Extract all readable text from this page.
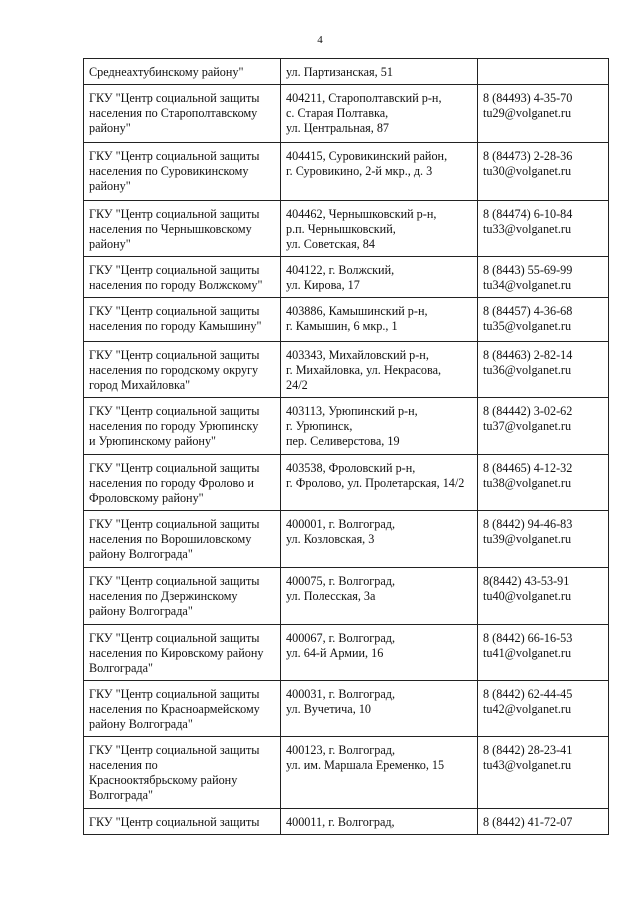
4
Среднеахтубинскому району"	ул. Партизанская, 51	

ГКУ "Центр социальной защиты
населения по Старополтавскому
району"	404211, Старополтавский р-н,
с. Старая Полтавка,
ул. Центральная, 87	8 (84493) 4-35-70
tu29@volganet.ru

ГКУ "Центр социальной защиты
населения по Суровикинскому
району"	404415, Суровикинский район,
г. Суровикино, 2-й мкр., д. 3	8 (84473) 2-28-36
tu30@volganet.ru

ГКУ "Центр социальной защиты
населения по Чернышковскому
району"	404462, Чернышковский р-н,
р.п. Чернышковский,
ул. Советская, 84	8 (84474) 6-10-84
tu33@volganet.ru

ГКУ "Центр социальной защиты
населения по городу Волжскому"	404122, г. Волжский,
ул. Кирова, 17	8 (8443) 55-69-99
tu34@volganet.ru

ГКУ "Центр социальной защиты
населения по городу Камышину"	403886, Камышинский р-н,
г. Камышин, 6 мкр., 1	8 (84457) 4-36-68
tu35@volganet.ru

ГКУ "Центр социальной защиты
населения по городскому округу
город Михайловка"	403343, Михайловский р-н,
г. Михайловка, ул. Некрасова,
24/2	8 (84463) 2-82-14
tu36@volganet.ru

ГКУ "Центр социальной защиты
населения по городу Урюпинску
и Урюпинскому району"	403113, Урюпинский р-н,
г. Урюпинск,
пер. Селиверстова, 19	8 (84442) 3-02-62
tu37@volganet.ru

ГКУ "Центр социальной защиты
населения по городу Фролово и
Фроловскому району"	403538, Фроловский р-н,
г. Фролово, ул. Пролетарская, 14/2	8 (84465) 4-12-32
tu38@volganet.ru

ГКУ "Центр социальной защиты
населения по Ворошиловскому
району Волгограда"	400001, г. Волгоград,
ул. Козловская, 3	8 (8442) 94-46-83
tu39@volganet.ru

ГКУ "Центр социальной защиты
населения по Дзержинскому
району Волгограда"	400075, г. Волгоград,
ул. Полесская, 3а	8(8442) 43-53-91
tu40@volganet.ru

ГКУ "Центр социальной защиты
населения по Кировскому району
Волгограда"	400067, г. Волгоград,
ул. 64-й Армии, 16	8 (8442) 66-16-53
tu41@volganet.ru

ГКУ "Центр социальной защиты
населения по Красноармейскому
району Волгограда"	400031, г. Волгоград,
ул. Вучетича, 10	8 (8442) 62-44-45
tu42@volganet.ru

ГКУ "Центр социальной защиты
населения по
Краснооктябрьскому району
Волгограда"	400123, г. Волгоград,
ул. им. Маршала Еременко, 15	8 (8442) 28-23-41
tu43@volganet.ru

ГКУ "Центр социальной защиты	400011, г. Волгоград,	8 (8442) 41-72-07
